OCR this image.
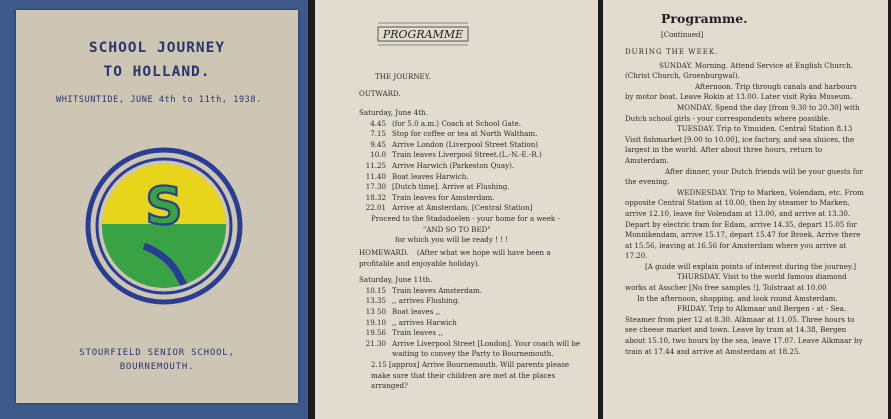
SCHOOL JOURNEY
TO HOLLAND.
WHITSUNTIDE, JUNE 4th to 11th, 1938.
S
STOURFIELD SENIOR SCHOOL,
BOURNEMOUTH.
PROGRAMME
THE JOURNEY.
OUTWARD.
Saturday, June 4th.
4.45 (for 5.0 a.m.) Coach at School Gate.
7.15 Stop for coffee or tea at North Waltham.
9.45 Arrive London (Liverpool Street Station)
10.0 Train leaves Liverpool Street.(L.-N.-E.-R.)
11.25 Arrive Harwich (Parkeston Quay).
11.40 Boat leaves Harwich.
17.30 [Dutch time]. Arrive at Flushing.
18.32 Train leaves for Amsterdam.
22.01 Arrive at Amsterdam. [Central Station]
Proceed to the Stadsdoelen - your home for a week -
"AND SO TO BED"
for which you will be ready ! ! !
HOMEWARD. (After what we hope will have been a profitable and enjoyable holiday).
Saturday, June 11th.
10.15 Train leaves Amsterdam.
13.35 ,, arrives Flushing.
13 50 Boat leaves ,,
19.10 ,, arrives Harwich
19.56 Train leaves ,,
21.30 Arrive Liverpool Street [London]. Your coach will be waiting to convey the Party to Bournemouth.
2.15 [approx] Arrive Bournemouth. Will parents please make sure that their children are met at the places arranged?
Programme.
[Continued]
DURING THE WEEK.
SUNDAY. Morning. Attend Service at English Church. (Christ Church, Groenburgwal).
Afternoon. Trip through canals and harbours by motor boat. Leave Rokin at 13.00. Later visit Ryks Museum.
MONDAY. Spend the day [from 9.30 to 20.30] with Dutch school girls - your correspondents where possible.
TUESDAY. Trip to Ymuiden. Central Station 8.13 Visit fishmarket [9.00 to 10.00], ice factory, and sea sluices, the largest in the world. After about three hours, return to Amsterdam.
After dinner, your Dutch friends will be your guests for the evening.
WEDNESDAY. Trip to Marken, Volendam, etc. From opposite Central Station at 10.00, then by steamer to Marken, arrive 12.10, leave for Volendam at 13.00, and arrive at 13.30. Depart by electric tram for Edam, arrive 14.35, depart 15.05 for Monnikendam, arrive 15.17, depart 15.47 for Broek. Arrive there at 15.56, leaving at 16.56 for Amsterdam where you arrive at 17.20.
[A guide will explain points of interest during the journey.]
THURSDAY. Visit to the world famous diamond works at Asscher [No free samples !]. Tolstraat at 10.00
In the afternoon, shopping, and look round Amsterdam.
FRIDAY. Trip to Alkmaar and Bergen - at - Sea. Steamer from pier 12 at 8.30. Alkmaar at 11.05. Three hours to see cheese market and town. Leave by tram at 14.38, Bergen about 15.10, two hours by the sea, leave 17.07. Leave Alkmaar by train at 17.44 and arrive at Amsterdam at 18.25.
